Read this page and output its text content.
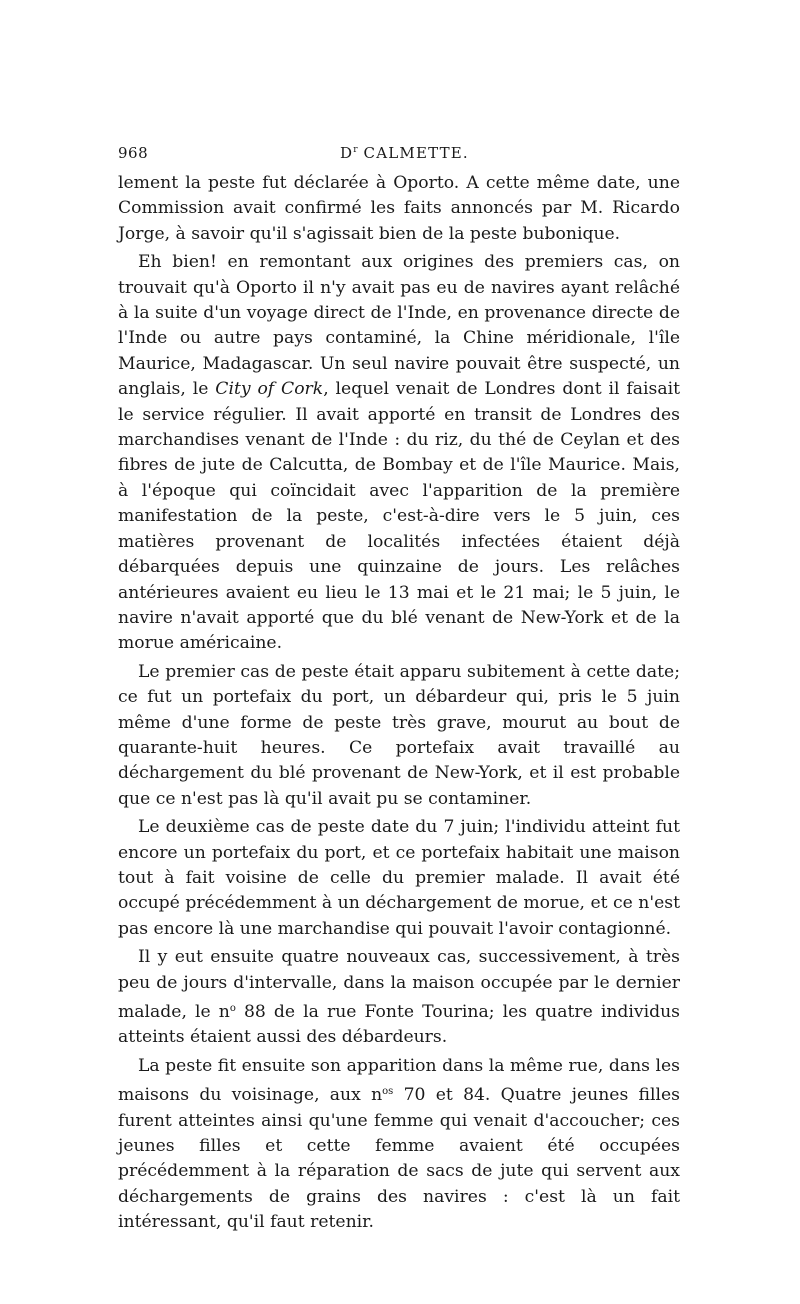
968	$D^r$ CALMETTE.

lement la peste fut déclarée à Oporto. A cette même date, une Commission avait confirmé les faits annoncés par M. Ricardo Jorge, à savoir qu'il s'agissait bien de la peste bubonique.

Eh bien! en remontant aux origines des premiers cas, on trouvait qu'à Oporto il n'y avait pas eu de navires ayant relâché à la suite d'un voyage direct de l'Inde, en provenance directe de l'Inde ou autre pays contaminé, la Chine méridionale, l'île Maurice, Madagascar. Un seul navire pouvait être suspecté, un anglais, le City of Cork, lequel venait de Londres dont il faisait le service régulier. Il avait apporté en transit de Londres des marchandises venant de l'Inde : du riz, du thé de Ceylan et des fibres de jute de Calcutta, de Bombay et de l'île Maurice. Mais, à l'époque qui coïncidait avec l'apparition de la première manifestation de la peste, c'est-à-dire vers le 5 juin, ces matières provenant de localités infectées étaient déjà débarquées depuis une quinzaine de jours. Les relâches antérieures avaient eu lieu le 13 mai et le 21 mai; le 5 juin, le navire n'avait apporté que du blé venant de New-York et de la morue américaine.

Le premier cas de peste était apparu subitement à cette date; ce fut un portefaix du port, un débardeur qui, pris le 5 juin même d'une forme de peste très grave, mourut au bout de quarante-huit heures. Ce portefaix avait travaillé au déchargement du blé provenant de New-York, et il est probable que ce n'est pas là qu'il avait pu se contaminer.

Le deuxième cas de peste date du 7 juin; l'individu atteint fut encore un portefaix du port, et ce portefaix habitait une maison tout à fait voisine de celle du premier malade. Il avait été occupé précédemment à un déchargement de morue, et ce n'est pas encore là une marchandise qui pouvait l'avoir contagionné.

Il y eut ensuite quatre nouveaux cas, successivement, à très peu de jours d'intervalle, dans la maison occupée par le dernier malade, le $n^o$ 88 de la rue Fonte Tourina; les quatre individus atteints étaient aussi des débardeurs.

La peste fit ensuite son apparition dans la même rue, dans les maisons du voisinage, aux $n^{os}$ 70 et 84. Quatre jeunes filles furent atteintes ainsi qu'une femme qui venait d'accoucher; ces jeunes filles et cette femme avaient été occupées précédemment à la réparation de sacs de jute qui servent aux déchargements de grains des navires : c'est là un fait intéressant, qu'il faut retenir.
